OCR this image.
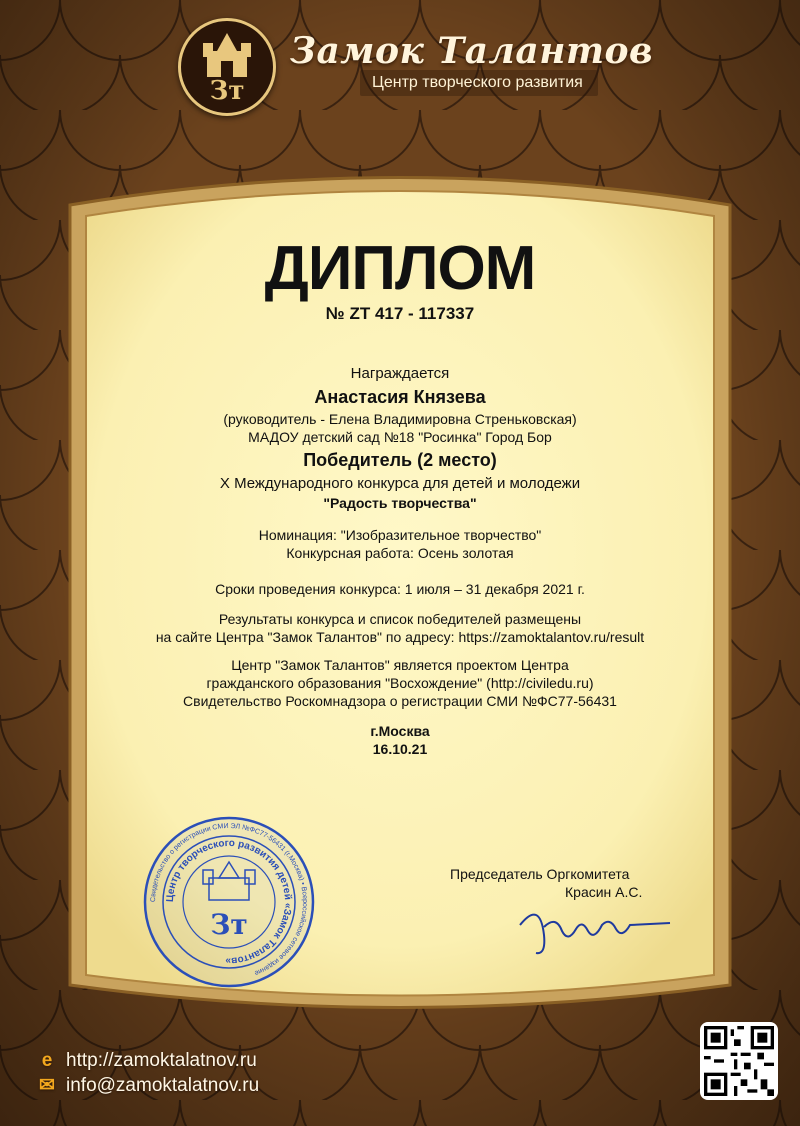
Зт
Замок Талантов
Центр творческого развития
ДИПЛОМ
№ ZT 417 - 117337
Награждается
Анастасия Князева
(руководитель - Елена Владимировна Стреньковская)
МАДОУ детский сад №18 "Росинка" Город Бор
Победитель (2 место)
X Международного конкурса для детей и молодежи
"Радость творчества"
Номинация: "Изобразительное творчество"
Конкурсная работа: Осень золотая
Сроки проведения конкурса: 1 июля – 31 декабря 2021 г.
Результаты конкурса и список победителей размещены
на сайте Центра "Замок Талантов" по адресу: https://zamoktalantov.ru/result
Центр "Замок Талантов" является проектом Центра
гражданского образования "Восхождение" (http://civiledu.ru)
Свидетельство Роскомнадзора о регистрации СМИ №ФС77-56431
г.Москва
16.10.21
Свидетельство о регистрации СМИ ЭЛ №ФС77-56431 (г.Москва) • Всероссийское сетевое издание
Центр творческого развития детей «Замок Талантов»
Зт
Председатель Оргкомитета
Красин А.С.
Красин
e http://zamoktalatnov.ru
✉ info@zamoktalatnov.ru
